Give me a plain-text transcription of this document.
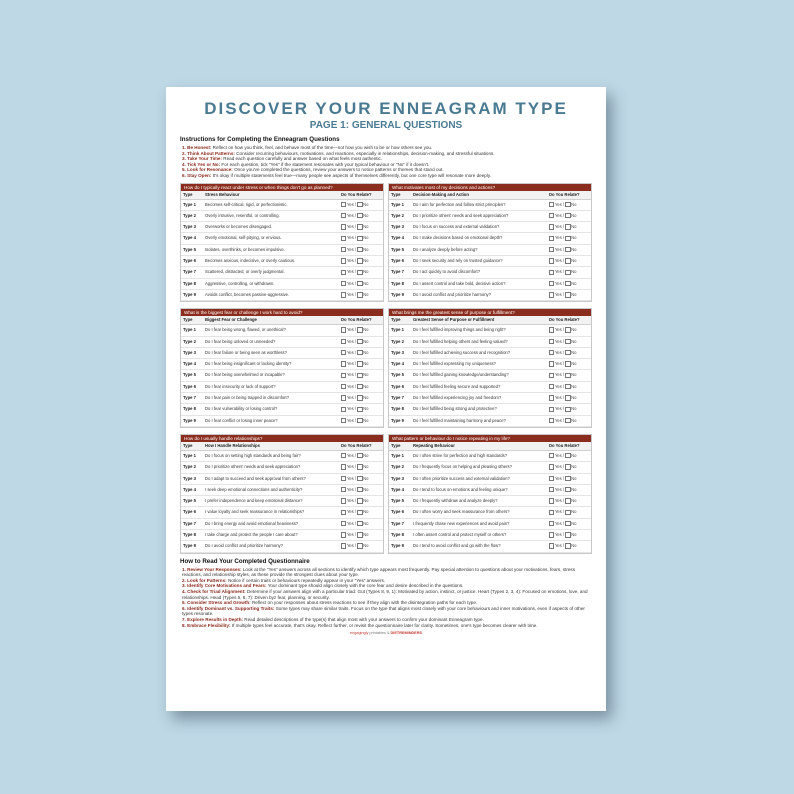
DISCOVER YOUR ENNEAGRAM TYPE
PAGE 1: GENERAL QUESTIONS
Instructions for Completing the Enneagram Questions
1. Be Honest: Reflect on how you think, feel, and behave most of the time—not how you wish to be or how others see you.
2. Think About Patterns: Consider recurring behaviours, motivations, and reactions, especially in relationships, decision-making, and stressful situations.
3. Take Your Time: Read each question carefully and answer based on what feels most authentic.
4. Tick Yes or No: For each question, tick "Yes" if the statement resonates with your typical behaviour or "No" if it doesn't.
5. Look for Resonance: Once you've completed the questions, review your answers to notice patterns or themes that stand out.
6. Stay Open: It's okay if multiple statements feel true—many people see aspects of themselves differently, but one core type will resonate more deeply.
How do I typically react under stress or when things don't go as planned?
Type	Stress Behaviour	Do You Relate?
Type 1	Becomes self-critical, rigid, or perfectionistic.	Yes / No
Type 2	Overly intrusive, resentful, or controlling.	Yes / No
Type 3	Overworks or becomes disengaged.	Yes / No
Type 4	Overly emotional, self-pitying, or envious.	Yes / No
Type 5	Isolates, overthinks, or becomes impulsive.	Yes / No
Type 6	Becomes anxious, indecisive, or overly cautious.	Yes / No
Type 7	Scattered, distracted, or overly judgmental.	Yes / No
Type 8	Aggressive, controlling, or withdrawn.	Yes / No
Type 9	Avoids conflict, becomes passive-aggressive.	Yes / No
What motivates most of my decisions and actions?
Type	Decision-Making and Action	Do You Relate?
Type 1	Do I aim for perfection and follow strict principles?	Yes / No
Type 2	Do I prioritize others' needs and seek appreciation?	Yes / No
Type 3	Do I focus on success and external validation?	Yes / No
Type 4	Do I make decisions based on emotional depth?	Yes / No
Type 5	Do I analyze deeply before acting?	Yes / No
Type 6	Do I seek security and rely on trusted guidance?	Yes / No
Type 7	Do I act quickly to avoid discomfort?	Yes / No
Type 8	Do I assert control and take bold, decisive action?	Yes / No
Type 9	Do I avoid conflict and prioritize harmony?	Yes / No
What is the biggest fear or challenge I work hard to avoid?
Type	Biggest Fear or Challenge	Do You Relate?
Type 1	Do I fear being wrong, flawed, or unethical?	Yes / No
Type 2	Do I fear being unloved or unneeded?	Yes / No
Type 3	Do I fear failure or being seen as worthless?	Yes / No
Type 4	Do I fear being insignificant or lacking identity?	Yes / No
Type 5	Do I fear being overwhelmed or incapable?	Yes / No
Type 6	Do I fear insecurity or lack of support?	Yes / No
Type 7	Do I fear pain or being trapped in discomfort?	Yes / No
Type 8	Do I fear vulnerability or losing control?	Yes / No
Type 9	Do I fear conflict or losing inner peace?	Yes / No
What brings me the greatest sense of purpose or fulfillment?
Type	Greatest Sense of Purpose or Fulfillment	Do You Relate?
Type 1	Do I feel fulfilled improving things and being right?	Yes / No
Type 2	Do I feel fulfilled helping others and feeling valued?	Yes / No
Type 3	Do I feel fulfilled achieving success and recognition?	Yes / No
Type 4	Do I feel fulfilled expressing my uniqueness?	Yes / No
Type 5	Do I feel fulfilled gaining knowledge/understanding?	Yes / No
Type 6	Do I feel fulfilled feeling secure and supported?	Yes / No
Type 7	Do I feel fulfilled experiencing joy and freedom?	Yes / No
Type 8	Do I feel fulfilled being strong and protective?	Yes / No
Type 9	Do I feel fulfilled maintaining harmony and peace?	Yes / No
How do I usually handle relationships?
Type	How I Handle Relationships	Do You Relate?
Type 1	Do I focus on setting high standards and being fair?	Yes / No
Type 2	Do I prioritize others' needs and seek appreciation?	Yes / No
Type 3	Do I adapt to succeed and seek approval from others?	Yes / No
Type 4	I seek deep emotional connections and authenticity?	Yes / No
Type 5	I prefer independence and keep emotional distance?	Yes / No
Type 6	I value loyalty and seek reassurance in relationships?	Yes / No
Type 7	Do I bring energy and avoid emotional heaviness?	Yes / No
Type 8	I take charge and protect the people I care about?	Yes / No
Type 9	Do I avoid conflict and prioritize harmony?	Yes / No
What pattern or behaviour do I notice repeating in my life?
Type	Repeating Behaviour	Do You Relate?
Type 1	Do I often strive for perfection and high standards?	Yes / No
Type 2	Do I frequently focus on helping and pleasing others?	Yes / No
Type 3	Do I often prioritize success and external validation?	Yes / No
Type 4	Do I tend to focus on emotions and feeling unique?	Yes / No
Type 5	Do I frequently withdraw and analyze deeply?	Yes / No
Type 6	Do I often worry and seek reassurance from others?	Yes / No
Type 7	I frequently chase new experiences and avoid pain?	Yes / No
Type 8	I often assert control and protect myself or others?	Yes / No
Type 9	Do I tend to avoid conflict and go with the flow?	Yes / No
How to Read Your Completed Questionnaire
1. Review Your Responses: Look at the "Yes" answers across all sections to identify which type appears most frequently. Pay special attention to questions about your motivations, fears, stress reactions, and relationship styles, as these provide the strongest clues about your type.
2. Look for Patterns: Notice if certain traits or behaviours repeatedly appear in your "Yes" answers.
3. Identify Core Motivations and Fears: Your dominant type should align closely with the core fear and desire described in the questions.
4. Check for Triad Alignment: Determine if your answers align with a particular triad: Gut (Types 8, 9, 1): Motivated by action, instinct, or justice. Heart (Types 2, 3, 4): Focused on emotions, love, and relationships. Head (Types 5, 6, 7): Driven byz fear, planning, or security.
5. Consider Stress and Growth: Reflect on your responses about stress reactions to see if they align with the disintegration paths for each type.
6. Identify Dominant vs. Supporting Traits: Some types may share similar traits. Focus on the type that aligns most closely with your core behaviours and inner motivations, even if aspects of other types resonate.
7. Explore Results in Depth: Read detailed descriptions of the type(s) that align most with your answers to confirm your dominant Enneagram type.
8. Embrace Flexibility: If multiple types feel accurate, that's okay. Reflect further, or revisit the questionnaire later for clarity. Sometimes, one's type becomes clearer with time.
engagingly printables & DIETREMINDERS
